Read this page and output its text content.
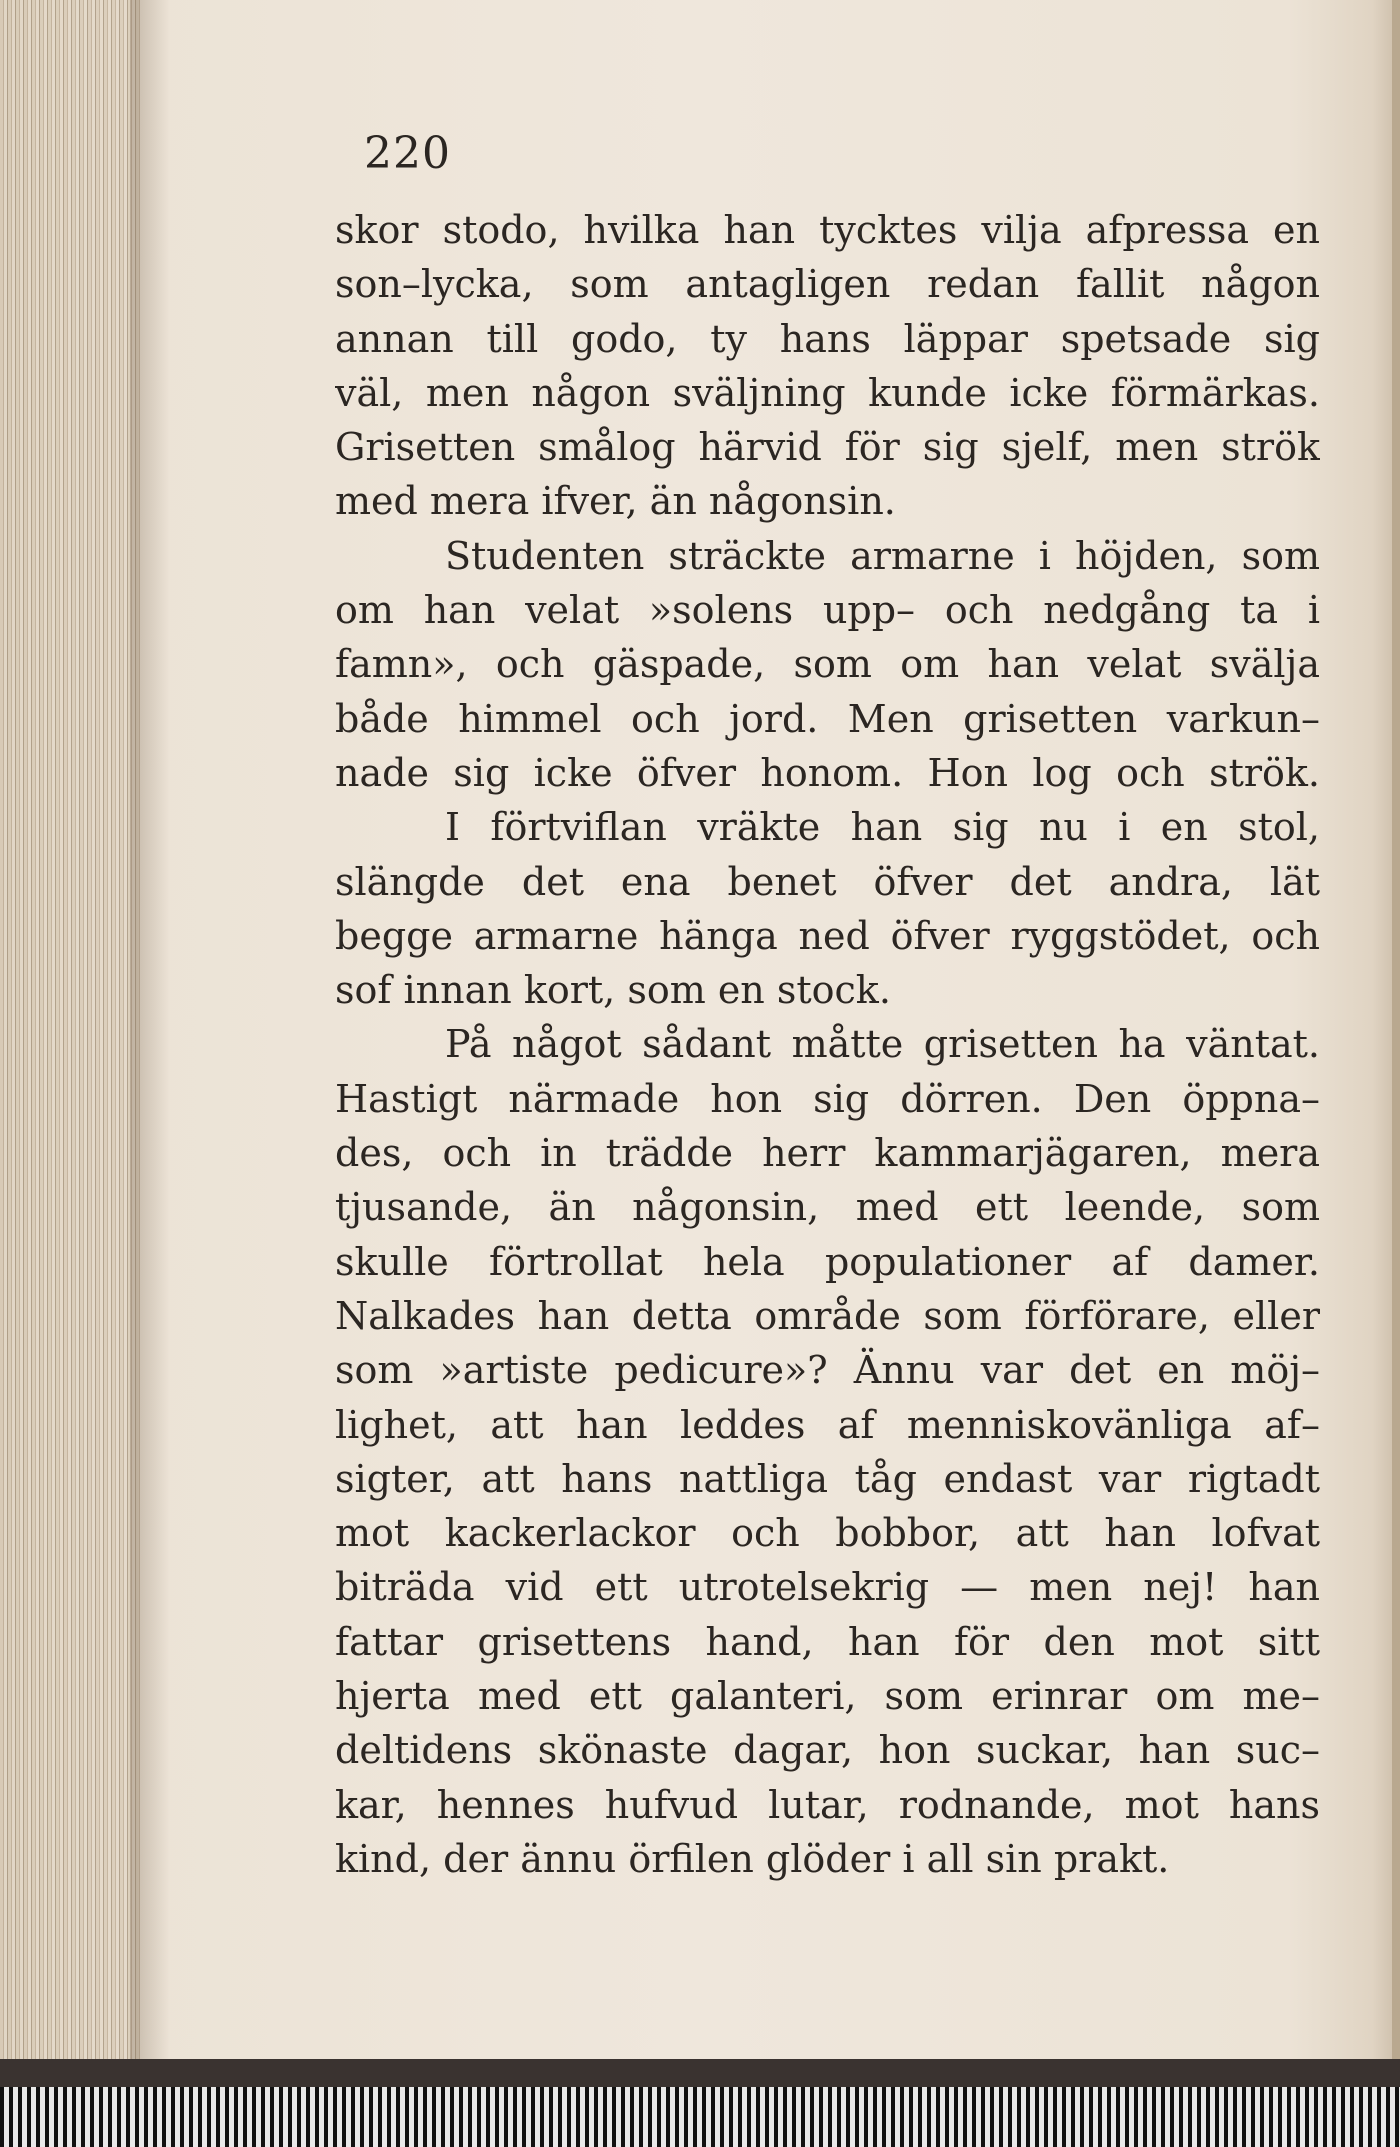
220
skor stodo, hvilka han tycktes vilja afpressa en
son–lycka, som antagligen redan fallit någon
annan till godo, ty hans läppar spetsade sig
väl, men någon sväljning kunde icke förmärkas.
Grisetten smålog härvid för sig sjelf, men strök
med mera ifver, än någonsin.
Studenten sträckte armarne i höjden, som
om han velat »solens upp– och nedgång ta i
famn», och gäspade, som om han velat svälja
både himmel och jord. Men grisetten varkun–
nade sig icke öfver honom. Hon log och strök.
I förtviflan vräkte han sig nu i en stol,
slängde det ena benet öfver det andra, lät
begge armarne hänga ned öfver ryggstödet, och
sof innan kort, som en stock.
På något sådant måtte grisetten ha väntat.
Hastigt närmade hon sig dörren. Den öppna–
des, och in trädde herr kammarjägaren, mera
tjusande, än någonsin, med ett leende, som
skulle förtrollat hela populationer af damer.
Nalkades han detta område som förförare, eller
som »artiste pedicure»? Ännu var det en möj–
lighet, att han leddes af menniskovänliga af–
sigter, att hans nattliga tåg endast var rigtadt
mot kackerlackor och bobbor, att han lofvat
biträda vid ett utrotelsekrig — men nej! han
fattar grisettens hand, han för den mot sitt
hjerta med ett galanteri, som erinrar om me–
deltidens skönaste dagar, hon suckar, han suc–
kar, hennes hufvud lutar, rodnande, mot hans
kind, der ännu örfilen glöder i all sin prakt.
